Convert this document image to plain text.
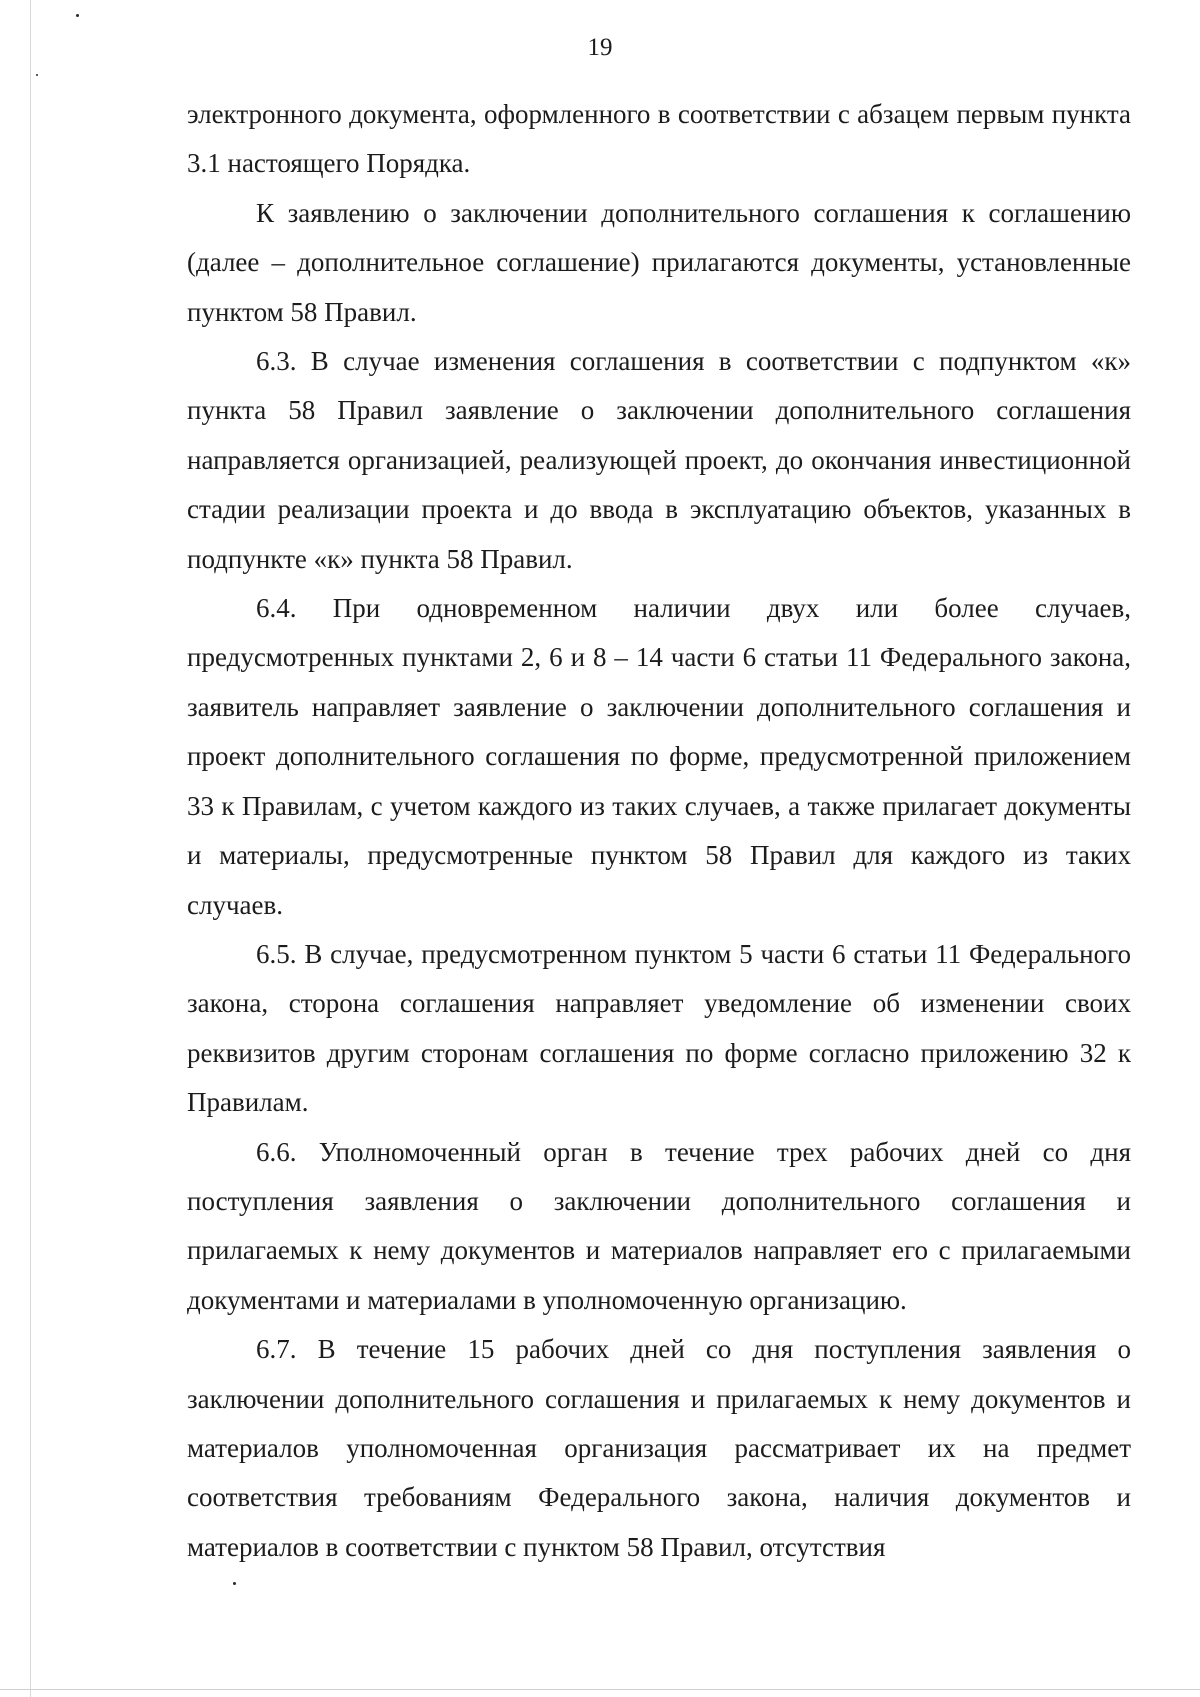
19

электронного документа, оформленного в соответствии с абзацем первым пункта 3.1 настоящего Порядка.

К заявлению о заключении дополнительного соглашения к соглашению (далее – дополнительное соглашение) прилагаются документы, установленные пунктом 58 Правил.

6.3. В случае изменения соглашения в соответствии с подпунктом «к» пункта 58 Правил заявление о заключении дополнительного соглашения направляется организацией, реализующей проект, до окончания инвестиционной стадии реализации проекта и до ввода в эксплуатацию объектов, указанных в подпункте «к» пункта 58 Правил.

6.4. При одновременном наличии двух или более случаев, предусмотренных пунктами 2, 6 и 8 – 14 части 6 статьи 11 Федерального закона, заявитель направляет заявление о заключении дополнительного соглашения и проект дополнительного соглашения по форме, предусмотренной приложением 33 к Правилам, с учетом каждого из таких случаев, а также прилагает документы и материалы, предусмотренные пунктом 58 Правил для каждого из таких случаев.

6.5. В случае, предусмотренном пунктом 5 части 6 статьи 11 Федерального закона, сторона соглашения направляет уведомление об изменении своих реквизитов другим сторонам соглашения по форме согласно приложению 32 к Правилам.

6.6. Уполномоченный орган в течение трех рабочих дней со дня поступления заявления о заключении дополнительного соглашения и прилагаемых к нему документов и материалов направляет его с прилагаемыми документами и материалами в уполномоченную организацию.

6.7. В течение 15 рабочих дней со дня поступления заявления о заключении дополнительного соглашения и прилагаемых к нему документов и материалов уполномоченная организация рассматривает их на предмет соответствия требованиям Федерального закона, наличия документов и материалов в соответствии с пунктом 58 Правил, отсутствия
